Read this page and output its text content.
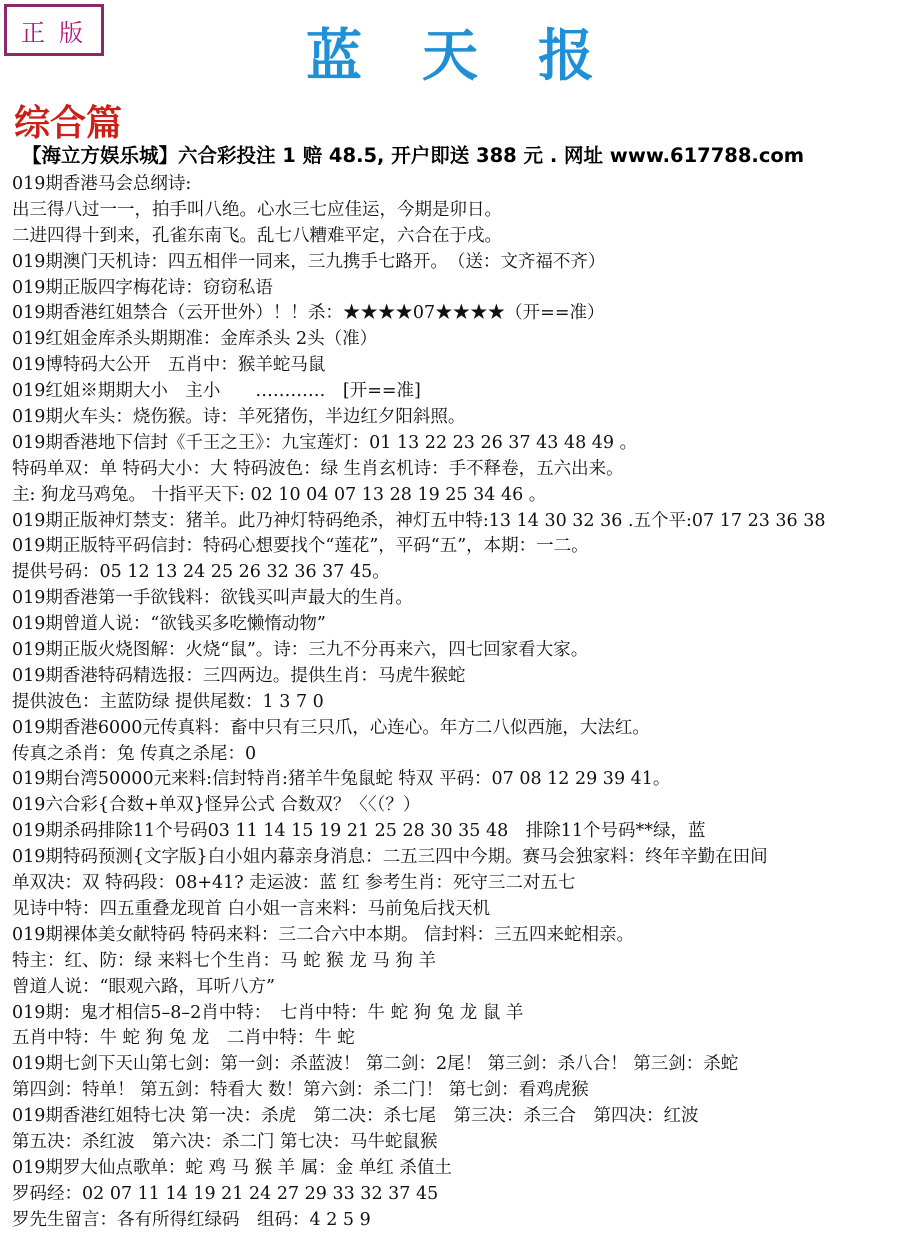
正版	蓝天报
综合篇
【海立方娱乐城】六合彩投注 1 赔 48.5, 开户即送 388 元 . 网址 www.617788.com
019期香港马会总纲诗:
出三得八过一一，拍手叫八绝。心水三七应佳运，今期是卯日。
二进四得十到来，孔雀东南飞。乱七八糟难平定，六合在于戌。
019期澳门天机诗：四五相伴一同来，三九携手七路开。　（送：文齐福不齐）
019期正版四字梅花诗：窃窃私语
019期香港红姐禁合（云开世外）！！杀：★★★★07★★★★（开==准）
019红姐金库杀头期期准：金库杀头 2头（准）
019博特码大公开　五肖中：猴羊蛇马鼠
019红姐※期期大小　主小　　…………　[开==准]
019期火车头：烧伤猴。诗：羊死猪伤，半边红夕阳斜照。
019期香港地下信封《千王之王》：九宝莲灯：01 13 22 23 26 37 43 48 49 。
特码单双：单 特码大小：大 特码波色：绿 生肖玄机诗：手不释卷，五六出来。
主: 狗龙马鸡兔。 十指平天下: 02 10 04 07 13 28 19 25 34 46 。
019期正版神灯禁支：猪羊。此乃神灯特码绝杀，神灯五中特:13 14 30 32 36 .五个平:07 17 23 36 38
019期正版特平码信封：特码心想要找个“莲花”，平码“五”，本期：一二。
提供号码：05 12 13 24 25 26 32 36 37 45。
019期香港第一手欲钱料：欲钱买叫声最大的生肖。
019期曾道人说：“欲钱买多吃懒惰动物”
019期正版火烧图解：火烧“鼠”。诗：三九不分再来六，四七回家看大家。
019期香港特码精选报：三四两边。提供生肖：马虎牛猴蛇
提供波色：主蓝防绿 提供尾数：1 3 7 0
019期香港6000元传真料：畜中只有三只爪，心连心。年方二八似西施，大法红。
传真之杀肖：兔 传真之杀尾：0
019期台湾50000元来料:信封特肖:猪羊牛兔鼠蛇 特双 平码：07 08 12 29 39 41。
019六合彩{合数+单双}怪异公式 合数双？〈〈（？）
019期杀码排除11个号码03 11 14 15 19 21 25 28 30 35 48　排除11个号码**绿，蓝
019期特码预测{文字版}白小姐内幕亲身消息：二五三四中今期。赛马会独家料：终年辛勤在田间
单双决：双 特码段：08+41? 走运波：蓝 红 参考生肖：死守三二对五七
见诗中特：四五重叠龙现首 白小姐一言来料：马前兔后找天机
019期裸体美女献特码 特码来料：三二合六中本期。 信封料：三五四来蛇相亲。
特主：红、防：绿 来料七个生肖：马 蛇 猴 龙 马 狗 羊
曾道人说：“眼观六路，耳听八方”
019期：鬼才相信5–8–2肖中特：　七肖中特：牛 蛇 狗 兔 龙 鼠 羊
五肖中特：牛 蛇 狗 兔 龙　二肖中特：牛 蛇
019期七剑下天山第七剑：第一剑：杀蓝波！ 第二剑：2尾！ 第三剑：杀八合！ 第三剑：杀蛇
第四剑：特单！ 第五剑：特看大 数！第六剑：杀二门！ 第七剑：看鸡虎猴
019期香港红姐特七决 第一决：杀虎　第二决：杀七尾　第三决：杀三合　第四决：红波
第五决：杀红波　第六决：杀二门 第七决：马牛蛇鼠猴
019期罗大仙点歌单：蛇 鸡 马 猴 羊 属：金 单红 杀值土
罗码经：02 07 11 14 19 21 24 27 29 33 32 37 45
罗先生留言：各有所得红绿码　组码：4 2 5 9
